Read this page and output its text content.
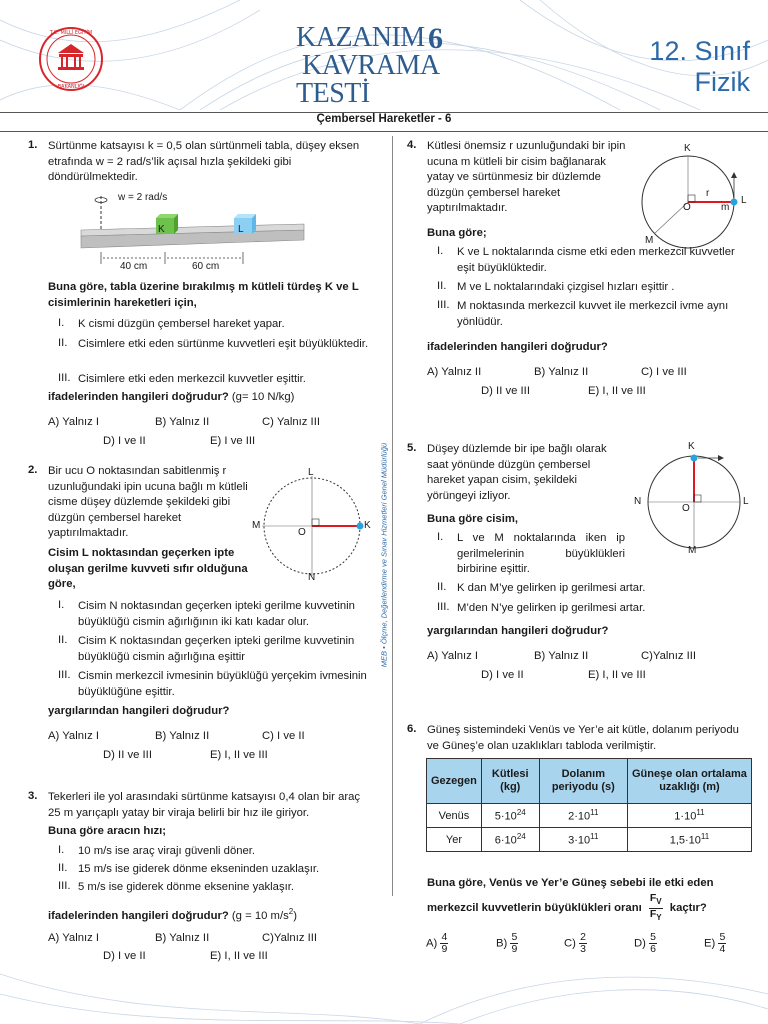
T.C. MİLLÎ EĞİTİM
BAKANLIĞI
KAZANIM
KAVRAMA
TESTİ
6	12. Sınıf
Fizik
Çembersel Hareketler - 6
MEB • Ölçme, Değerlendirme ve Sınav Hizmetleri Genel Müdürlüğü
1. Sürtünme katsayısı k = 0,5 olan sürtünmeli tabla, düşey eksen etrafında w = 2 rad/s’lik açısal hızla şekildeki gibi döndürülmektedir.
w = 2 rad/s
K	L
40 cm	60 cm
Buna göre, tabla üzerine bırakılmış m kütleli türdeş K ve L cisimlerinin hareketleri için,
I. K cismi düzgün çembersel hareket yapar.
II. Cisimlere etki eden sürtünme kuvvetleri eşit büyüklüktedir.
III. Cisimlere etki eden merkezcil kuvvetler eşittir.
ifadelerinden hangileri doğrudur? (g= 10 N/kg)
A) Yalnız I	B) Yalnız II	C) Yalnız III
D) I ve II	E) I ve III
2. Bir ucu O noktasından sabitlenmiş r uzunluğundaki ipin ucuna bağlı m kütleli cisme düşey düzlemde şekildeki gibi düzgün çembersel hareket yaptırılmaktadır.
L
M
O
K
N
Cisim L noktasından geçerken ipte oluşan gerilme kuvveti sıfır olduğuna göre,
I. Cisim N noktasından geçerken ipteki gerilme kuvvetinin büyüklüğü cismin ağırlığının iki katı kadar olur.
II. Cisim K noktasından geçerken ipteki gerilme kuvvetinin büyüklüğü cismin ağırlığına eşittir
III. Cismin merkezcil ivmesinin büyüklüğü yerçekim ivmesinin büyüklüğüne eşittir.
yargılarından hangileri doğrudur?
A) Yalnız I	B) Yalnız II	C) I ve II
D) II ve III	E) I, II ve III
3. Tekerleri ile yol arasındaki sürtünme katsayısı 0,4 olan bir araç 25 m yarıçaplı yatay bir viraja belirli bir hız ile giriyor.
Buna göre aracın hızı;
I. 10 m/s ise araç virajı güvenli döner.
II. 15 m/s ise giderek dönme ekseninden uzaklaşır.
III. 5 m/s ise giderek dönme eksenine yaklaşır.
ifadelerinden hangileri doğrudur? (g = 10 $m/s^2$)
A) Yalnız I	B) Yalnız II	C)Yalnız III
D) I ve II	E) I, II ve III
4. Kütlesi önemsiz r uzunluğundaki bir ipin ucuna m kütleli bir cisim bağlanarak yatay ve sürtünmesiz bir düzlemde düzgün çembersel hareket yaptırılmaktadır.
K
r
O
L
m
M
Buna göre;
I. K ve L noktalarında cisme etki eden merkezcil kuvvetler eşit büyüklüktedir.
II. M ve L noktalarındaki çizgisel hızları eşittir .
III. M noktasında merkezcil kuvvet ile merkezcil ivme aynı yönlüdür.
ifadelerinden hangileri doğrudur?
A) Yalnız II	B) Yalnız II	C) I ve III
D) II ve III	E) I, II ve III
5. Düşey düzlemde bir ipe bağlı olarak saat yönünde düzgün çembersel hareket yapan cisim, şekildeki yörüngeyi izliyor.
K
N
O
L
M
Buna göre cisim,
I. L ve M noktalarında iken ip gerilmelerinin büyüklükleri birbirine eşittir.
II. K dan M’ye gelirken ip gerilmesi artar.
III. M’den N’ye gelirken ip gerilmesi artar.
yargılarından hangileri doğrudur?
A) Yalnız I	B) Yalnız II	C)Yalnız III
D) I ve II	E) I, II ve III
6. Güneş sistemindeki Venüs ve Yer’e ait kütle, dolanım periyodu ve Güneş’e olan uzaklıkları tabloda verilmiştir.
Gezegen	Kütlesi (kg)	Dolanım periyodu (s)	Güneşe olan ortalama uzaklığı (m)
Venüs	$5\cdot 10^{24}$	$2\cdot 10^{11}$	$1\cdot 10^{11}$
Yer	$6\cdot 10^{24}$	$3\cdot 10^{11}$	$1,5\cdot 10^{11}$
Buna göre, Venüs ve Yer’e Güneş sebebi ile etki eden
merkezcil kuvvetlerin büyüklükleri oranı $\frac{F_V}{F_Y}$ kaçtır?
$A) \frac{4}{9}$	$B) \frac{5}{9}$	$C) \frac{2}{3}$	$D) \frac{5}{6}$	$E) \frac{5}{4}$
